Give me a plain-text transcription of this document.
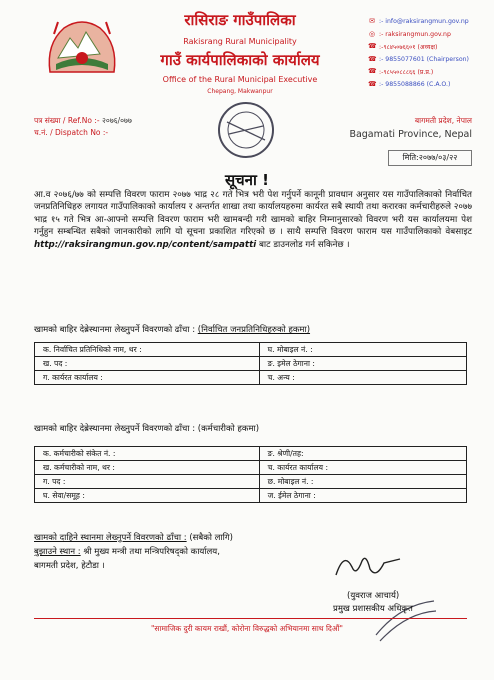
रासिराङ गाउँपालिका
Rakisrang Rural Municipality
गाउँ कार्यपालिकाको कार्यालय
Office of the Rural Municipal Executive
Chepang, Makwanpur
✉ :- info@raksirangmun.gov.np
◎ :- raksirangmun.gov.np
☎ :-९८४५०७६६०१ (अध्यक्ष)
☎ :- 9855077601 (Chairperson)
☎ :-९८५५०८८८६६ (प्र.प्र.)
☎ :- 9855088866 (C.A.O.)
पत्र संख्या / Ref.No :- २०७६/०७७
च.नं. / Dispatch No :-
बागमती प्रदेश, नेपाल
Bagamati Province, Nepal
मिति:२०७७/०३/२२
सूचना !
आ.व २०७६/७७ को सम्पत्ति विवरण फाराम २०७७ भाद्र २८ गते भित्र भरी पेश गर्नुपर्ने कानूनी प्रावधान अनुसार यस गाउँपालिकाको निर्वाचित जनप्रतिनिधिहरु लगायत गाउँपालिकाको कार्यालय र अन्तर्गत शाखा तथा कार्यालयहरुमा कार्यरत सबै स्थायी तथा करारका कर्मचारीहरुले २०७७ भाद्र १५ गते भित्र आ-आफ्नो सम्पत्ति विवरण फाराम भरी खामबन्दी गरी खामको बाहिर निम्नानुसारको विवरण भरी यस कार्यालयमा पेश गर्नुहुन सम्बन्धित सबैको जानकारीको लागि यो सूचना प्रकाशित गरिएको छ । साथै सम्पत्ति विवरण फाराम यस गाउँपालिकाको वेबसाइट http://raksirangmun.gov.np/content/sampatti बाट डाउनलोड गर्न सकिनेछ ।
खामको बाहिर देब्रेस्थानमा लेख्नुपर्ने विवरणको ढाँचा : (निर्वाचित जनप्रतिनिधिहरुको हकमा)
क. निर्वाचित प्रतिनिधिको नाम, थर :	घ. मोबाइल नं. :
ख. पद :	ङ. इमेल ठेगाना :
ग. कार्यरत कार्यालय :	च. अन्य :
खामको बाहिर देब्रेस्थानमा लेख्नुपर्ने विवरणको ढाँचा : (कर्मचारीको हकमा)
क. कर्मचारीको संकेत नं. :	ङ. श्रेणी/तह:
ख. कर्मचारीको नाम, थर :	च. कार्यरत कार्यालय :
ग. पद :	छ. मोबाइल नं. :
घ. सेवा/समूह :	ज. ईमेल ठेगाना :
खामको दाहिने स्थानमा लेख्नुपर्ने विवरणको ढाँचा : (सबैको लागि)
बुझाउने स्थान : श्री मुख्य मन्त्री तथा मन्त्रिपरिषद्को कार्यालय,
बागमती प्रदेश, हेटौडा ।
(युवराज आचार्य)
प्रमुख प्रशासकीय अधिकृत
"सामाजिक दुरी कायम राखौं, कोरोना विरुद्धको अभियानमा साथ दिऔं"
